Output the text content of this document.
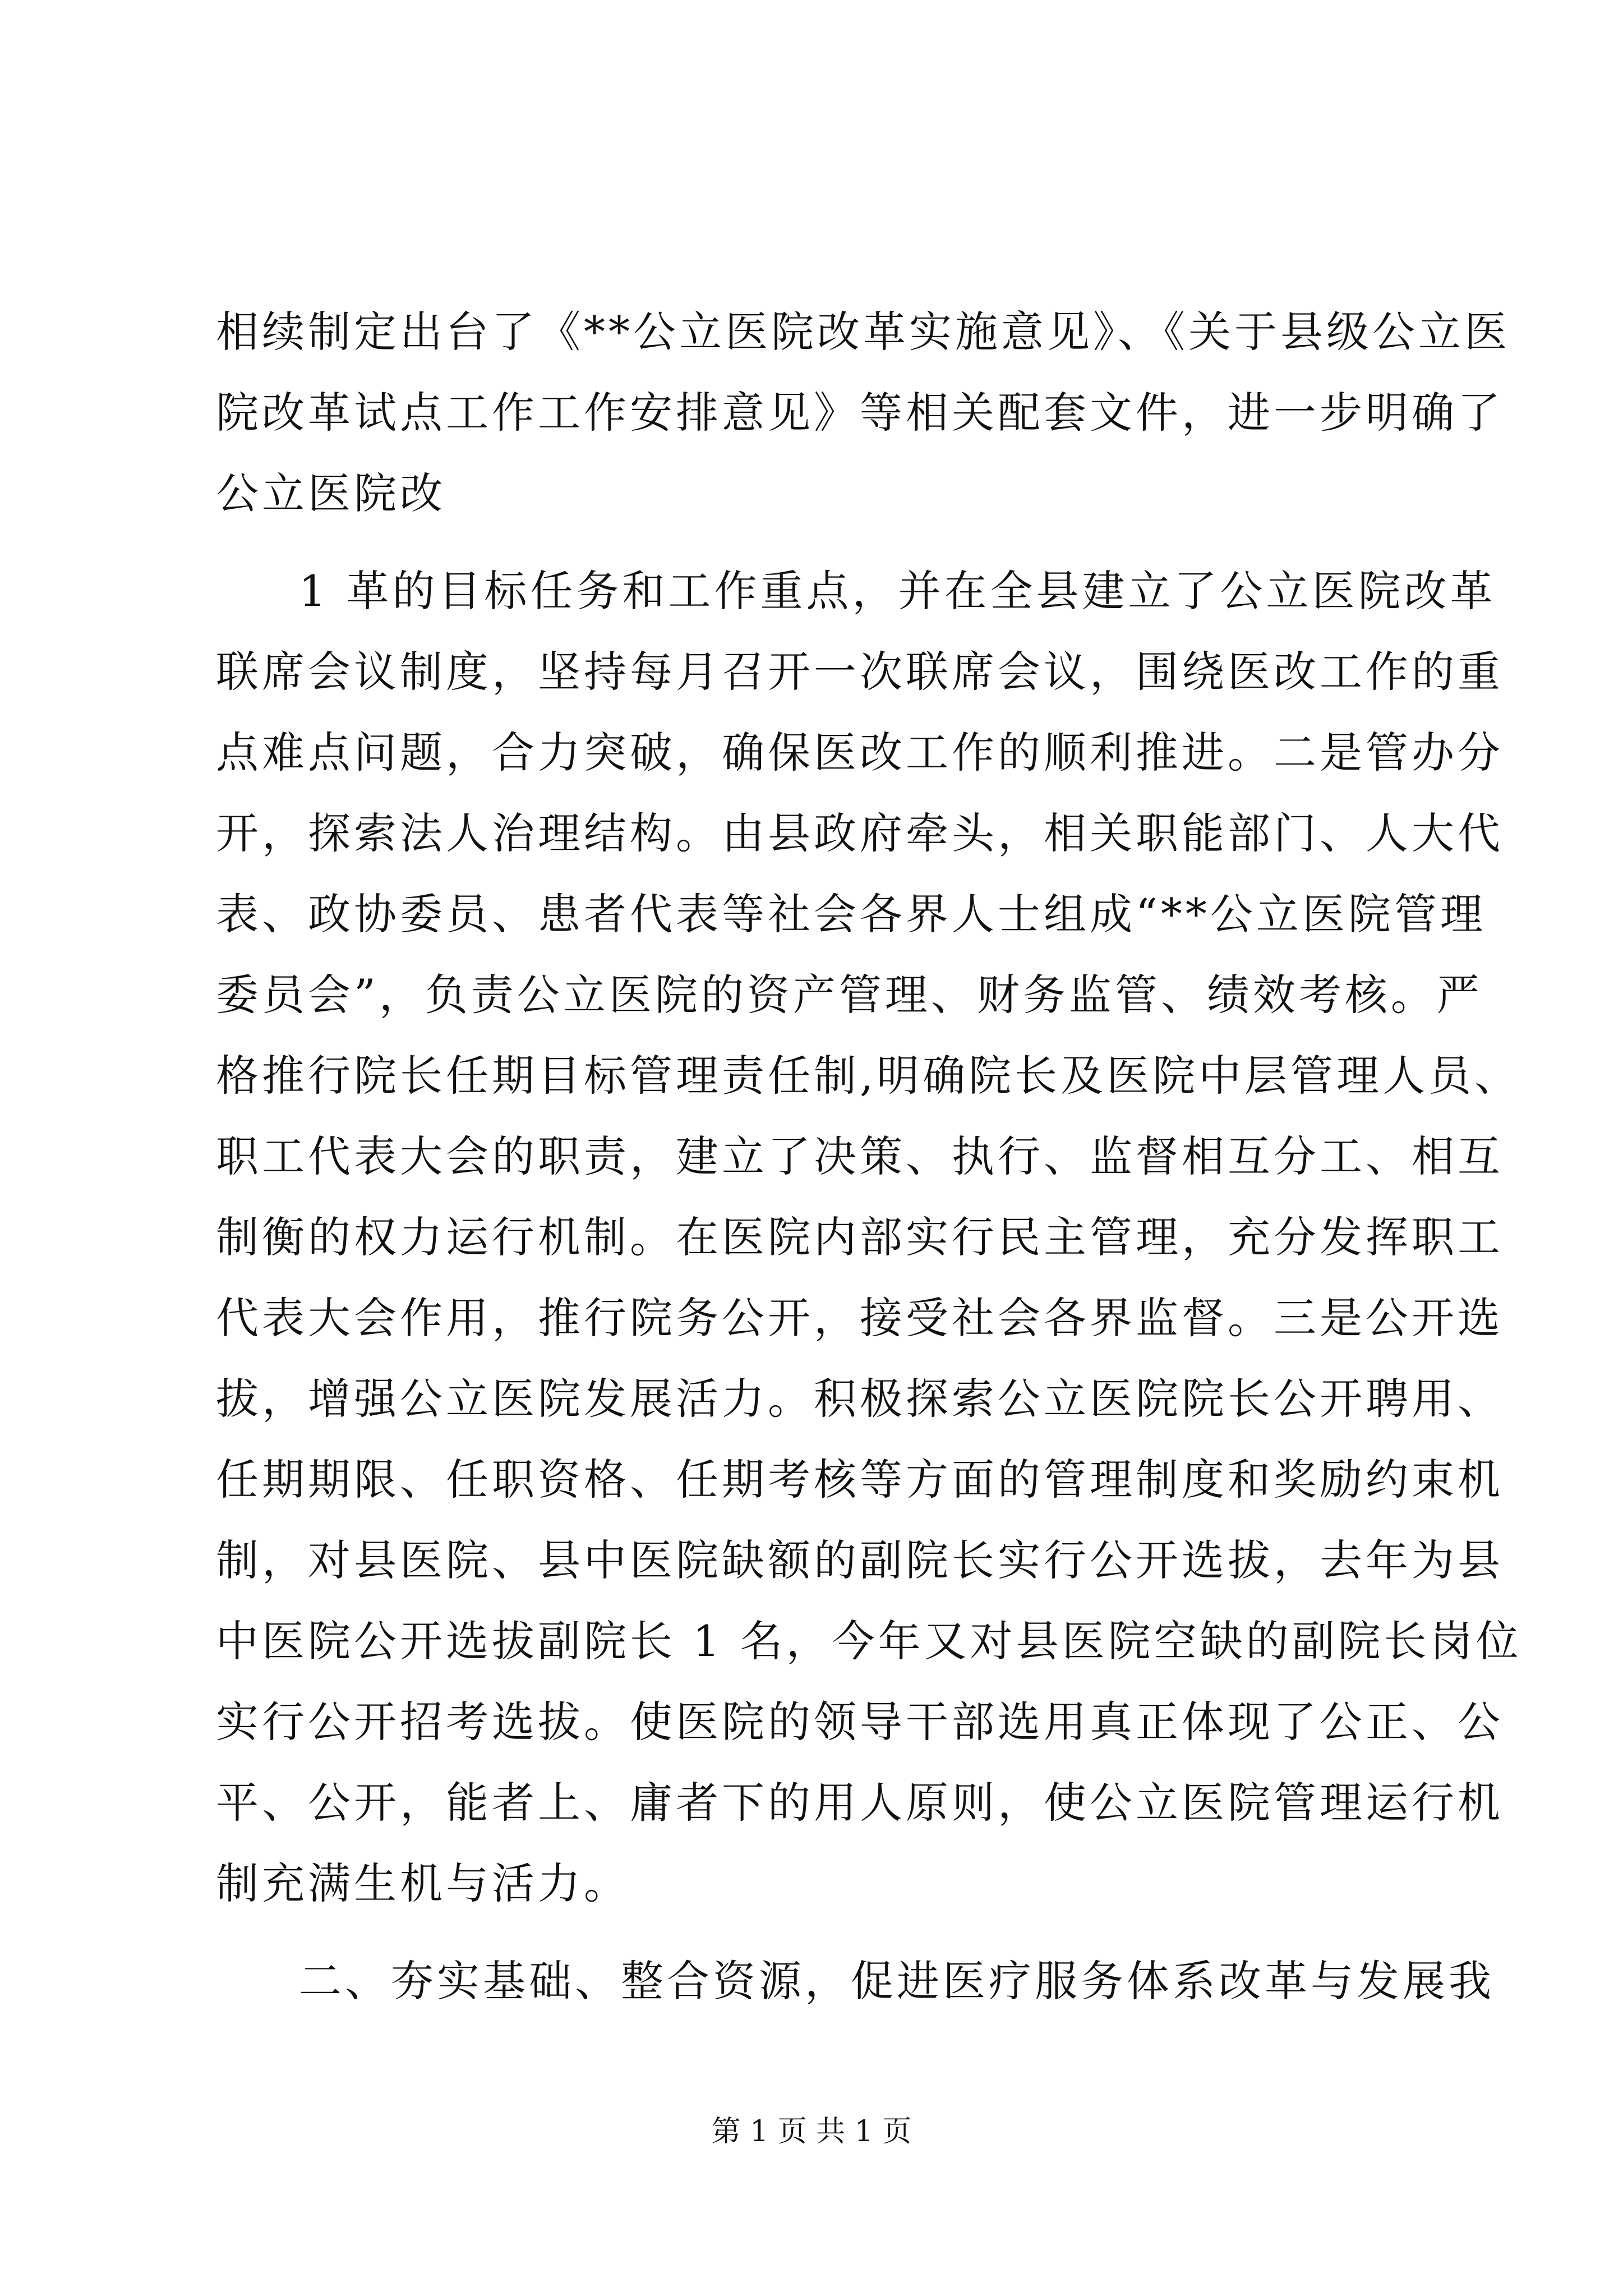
相续制定出台了《**公立医院改革实施意见》、《关于县级公立医
院改革试点工作工作安排意见》等相关配套文件，进一步明确了
公立医院改
1 革的目标任务和工作重点，并在全县建立了公立医院改革
联席会议制度，坚持每月召开一次联席会议，围绕医改工作的重
点难点问题，合力突破，确保医改工作的顺利推进。二是管办分
开，探索法人治理结构。由县政府牵头，相关职能部门、人大代
表、政协委员、患者代表等社会各界人士组成“**公立医院管理
委员会”，负责公立医院的资产管理、财务监管、绩效考核。严
格推行院长任期目标管理责任制,明确院长及医院中层管理人员、
职工代表大会的职责，建立了决策、执行、监督相互分工、相互
制衡的权力运行机制。在医院内部实行民主管理，充分发挥职工
代表大会作用，推行院务公开，接受社会各界监督。三是公开选
拔，增强公立医院发展活力。积极探索公立医院院长公开聘用、
任期期限、任职资格、任期考核等方面的管理制度和奖励约束机
制，对县医院、县中医院缺额的副院长实行公开选拔，去年为县
中医院公开选拔副院长 1 名，今年又对县医院空缺的副院长岗位
实行公开招考选拔。使医院的领导干部选用真正体现了公正、公
平、公开，能者上、庸者下的用人原则，使公立医院管理运行机
制充满生机与活力。
二、夯实基础、整合资源，促进医疗服务体系改革与发展我
第 1 页 共 1 页
